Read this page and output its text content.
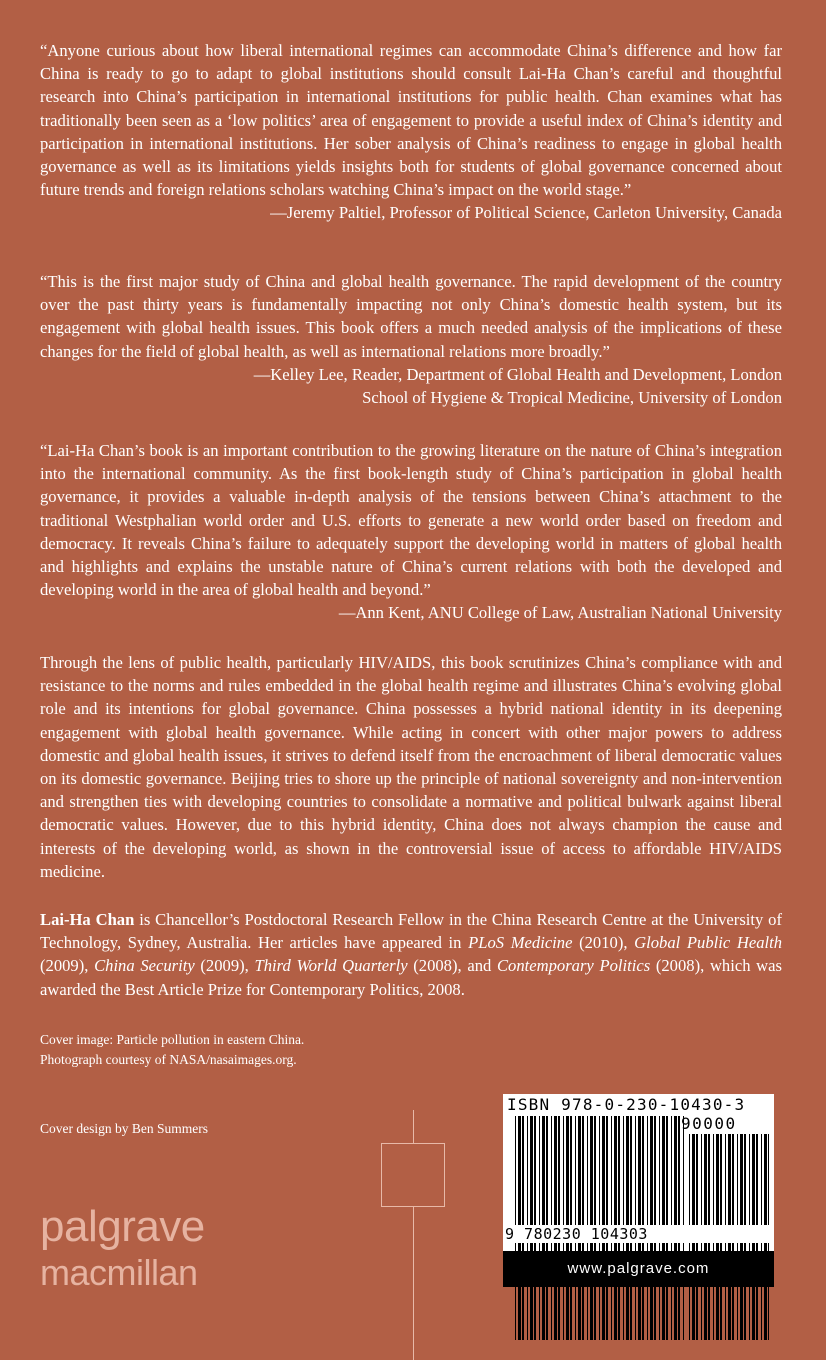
“Anyone curious about how liberal international regimes can accommodate China’s difference and how far China is ready to go to adapt to global institutions should consult Lai-Ha Chan’s careful and thoughtful research into China’s participation in international institutions for public health. Chan examines what has traditionally been seen as a ‘low politics’ area of engagement to provide a useful index of China’s identity and participation in international institutions. Her sober analysis of China’s readiness to engage in global health governance as well as its limitations yields insights both for students of global governance concerned about future trends and foreign relations scholars watching China’s impact on the world stage.”

—Jeremy Paltiel, Professor of Political Science, Carleton University, Canada

“This is the first major study of China and global health governance. The rapid development of the country over the past thirty years is fundamentally impacting not only China’s domestic health system, but its engagement with global health issues. This book offers a much needed analysis of the implications of these changes for the field of global health, as well as international relations more broadly.”

—Kelley Lee, Reader, Department of Global Health and Development, London
School of Hygiene & Tropical Medicine, University of London

“Lai-Ha Chan’s book is an important contribution to the growing literature on the nature of China’s integration into the international community. As the first book-length study of China’s participation in global health governance, it provides a valuable in-depth analysis of the tensions between China’s attachment to the traditional Westphalian world order and U.S. efforts to generate a new world order based on freedom and democracy. It reveals China’s failure to adequately support the developing world in matters of global health and highlights and explains the unstable nature of China’s current relations with both the developed and developing world in the area of global health and beyond.”

—Ann Kent, ANU College of Law, Australian National University

Through the lens of public health, particularly HIV/AIDS, this book scrutinizes China’s compliance with and resistance to the norms and rules embedded in the global health regime and illustrates China’s evolving global role and its intentions for global governance. China possesses a hybrid national identity in its deepening engagement with global health governance. While acting in concert with other major powers to address domestic and global health issues, it strives to defend itself from the encroachment of liberal democratic values on its domestic governance. Beijing tries to shore up the principle of national sovereignty and non-intervention and strengthen ties with developing countries to consolidate a normative and political bulwark against liberal democratic values. However, due to this hybrid identity, China does not always champion the cause and interests of the developing world, as shown in the controversial issue of access to affordable HIV/AIDS medicine.

Lai-Ha Chan is Chancellor’s Postdoctoral Research Fellow in the China Research Centre at the University of Technology, Sydney, Australia. Her articles have appeared in PLoS Medicine (2010), Global Public Health (2009), China Security (2009), Third World Quarterly (2008), and Contemporary Politics (2008), which was awarded the Best Article Prize for Contemporary Politics, 2008.

Cover image: Particle pollution in eastern China.
Photograph courtesy of NASA/nasaimages.org.
Cover design by Ben Summers
palgrave
macmillan
ISBN 978-0-230-10430-3
90000
9 780230 104303
www.palgrave.com
